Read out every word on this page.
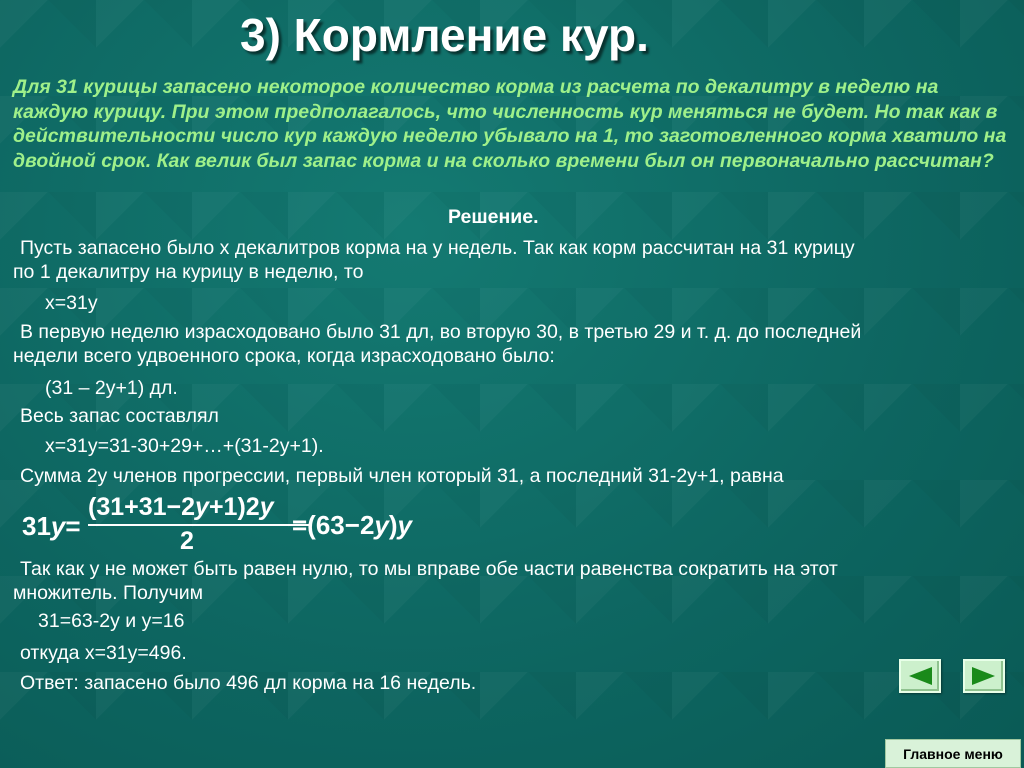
3) Кормление кур.
Для 31 курицы запасено некоторое количество корма из расчета по декалитру в неделю на каждую курицу. При этом предполагалось, что численность кур меняться не будет. Но так как в действительности число кур каждую неделю убывало на 1, то заготовленного корма хватило на двойной срок. Как велик был запас корма и на сколько времени был он первоначально рассчитан?
Решение.
Пусть запасено было x декалитров корма на y недель. Так как корм рассчитан на 31 курицу
по 1 декалитру на курицу в неделю, то
x=31y
В первую неделю израсходовано было 31 дл, во вторую 30, в третью 29 и т. д. до последней
недели всего удвоенного срока, когда израсходовано было:
(31 – 2y+1) дл.
Весь запас составлял
x=31y=31-30+29+…+(31-2y+1).
Сумма 2y членов прогрессии, первый член который 31, а последний 31-2y+1, равна
31y=
(31+31−2y+1)2y
2
=(63−2y)y
Так как y не может быть равен нулю, то мы вправе обе части равенства сократить на этот
множитель. Получим
31=63-2y и y=16
откуда x=31y=496.
Ответ: запасено было 496 дл корма на 16 недель.
Главное меню
